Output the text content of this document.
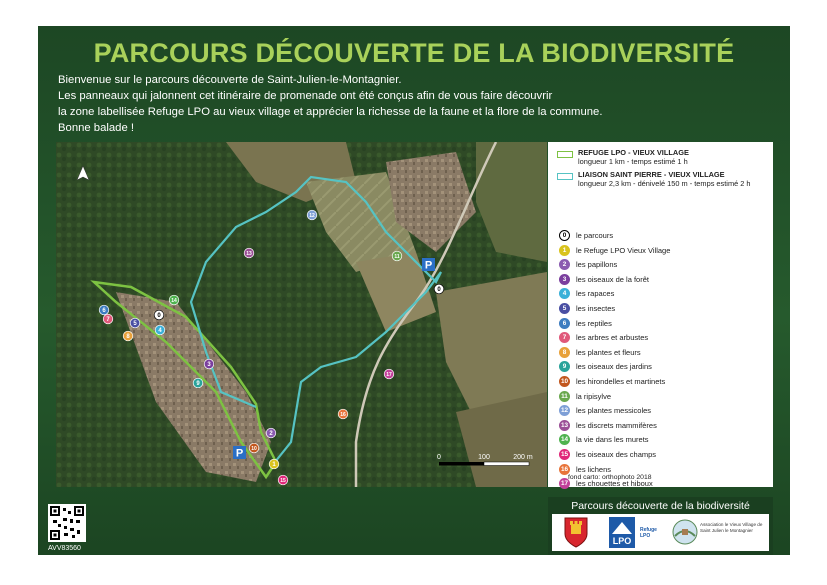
PARCOURS DÉCOUVERTE DE LA BIODIVERSITÉ
Bienvenue sur le parcours découverte de Saint-Julien-le-Montagnier.
Les panneaux qui jalonnent cet itinéraire de promenade ont été conçus afin de vous faire découvrir
la zone labellisée Refuge LPO au vieux village et apprécier la richesse de la faune et la flore de la commune.
Bonne balade !
P
P
0
0
1
2
3
4
5
6
7
8
9
10
11
12
13
14
15
16
17
0	100	200 m
REFUGE LPO - VIEUX VILLAGE
longueur 1 km - temps estimé 1 h
LIAISON SAINT PIERRE - VIEUX VILLAGE
longueur 2,3 km - dénivelé 150 m - temps estimé 2 h
0	le parcours
1	le Refuge LPO Vieux Village
2	les papillons
3	les oiseaux de la forêt
4	les rapaces
5	les insectes
6	les reptiles
7	les arbres et arbustes
8	les plantes et fleurs
9	les oiseaux des jardins
10 les hirondelles et martinets
11 la ripisylve
12 les plantes messicoles
13 les discrets mammifères
14 la vie dans les murets
15 les oiseaux des champs
16 les lichens
17 les chouettes et hiboux
fond carto: orthophoto 2018
AVV83560
Parcours découverte de la biodiversité
LPO
Refuge LPO
Association le Vieux Village de Saint Julien le Montagnier
